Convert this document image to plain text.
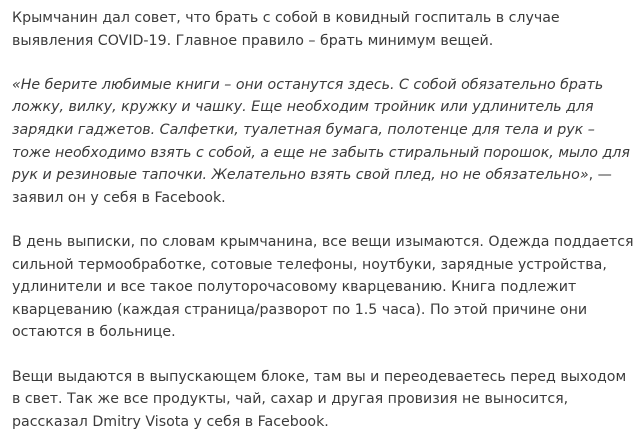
Крымчанин дал совет, что брать с собой в ковидный госпиталь в случае выявления COVID-19. Главное правило – брать минимум вещей.

«Не берите любимые книги – они останутся здесь. С собой обязательно брать ложку, вилку, кружку и чашку. Еще необходим тройник или удлинитель для зарядки гаджетов. Салфетки, туалетная бумага, полотенце для тела и рук – тоже необходимо взять с собой, а еще не забыть стиральный порошок, мыло для рук и резиновые тапочки. Желательно взять свой плед, но не обязательно», — заявил он у себя в Facebook.

В день выписки, по словам крымчанина, все вещи изымаются. Одежда поддается сильной термообработке, сотовые телефоны, ноутбуки, зарядные устройства, удлинители и все такое полуторочасовому кварцеванию. Книга подлежит кварцеванию (каждая страница/разворот по 1.5 часа). По этой причине они остаются в больнице.

Вещи выдаются в выпускающем блоке, там вы и переодеваетесь перед выходом в свет. Так же все продукты, чай, сахар и другая провизия не выносится, рассказал Dmitry Visota у себя в Facebook.
